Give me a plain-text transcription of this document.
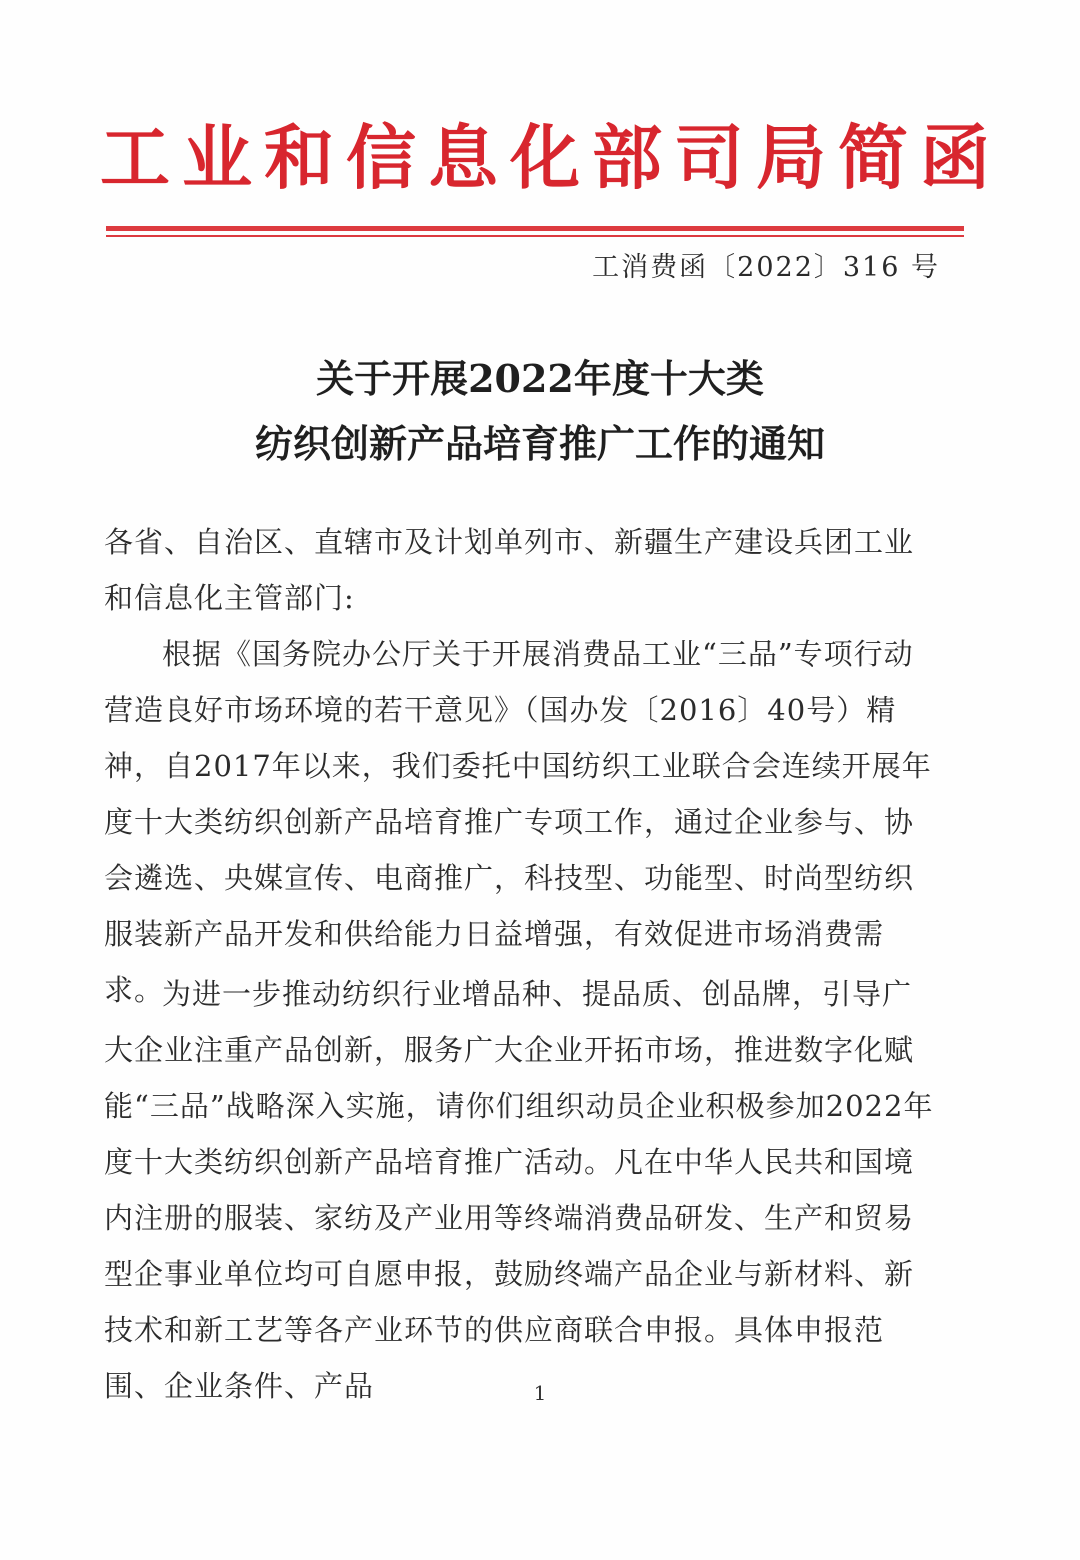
工业和信息化部司局简函
工消费函〔2022〕316 号
关于开展2022年度十大类
纺织创新产品培育推广工作的通知
各省、自治区、直辖市及计划单列市、新疆生产建设兵团工业和信息化主管部门:
根据《国务院办公厅关于开展消费品工业“三品”专项行动营造良好市场环境的若干意见》（国办发〔2016〕40号）精神，自2017年以来，我们委托中国纺织工业联合会连续开展年度十大类纺织创新产品培育推广专项工作，通过企业参与、协会遴选、央媒宣传、电商推广，科技型、功能型、时尚型纺织服装新产品开发和供给能力日益增强，有效促进市场消费需求。
为进一步推动纺织行业增品种、提品质、创品牌，引导广大企业注重产品创新，服务广大企业开拓市场，推进数字化赋能“三品”战略深入实施，请你们组织动员企业积极参加2022年度十大类纺织创新产品培育推广活动。凡在中华人民共和国境内注册的服装、家纺及产业用等终端消费品研发、生产和贸易型企事业单位均可自愿申报，鼓励终端产品企业与新材料、新技术和新工艺等各产业环节的供应商联合申报。具体申报范围、企业条件、产品	1
